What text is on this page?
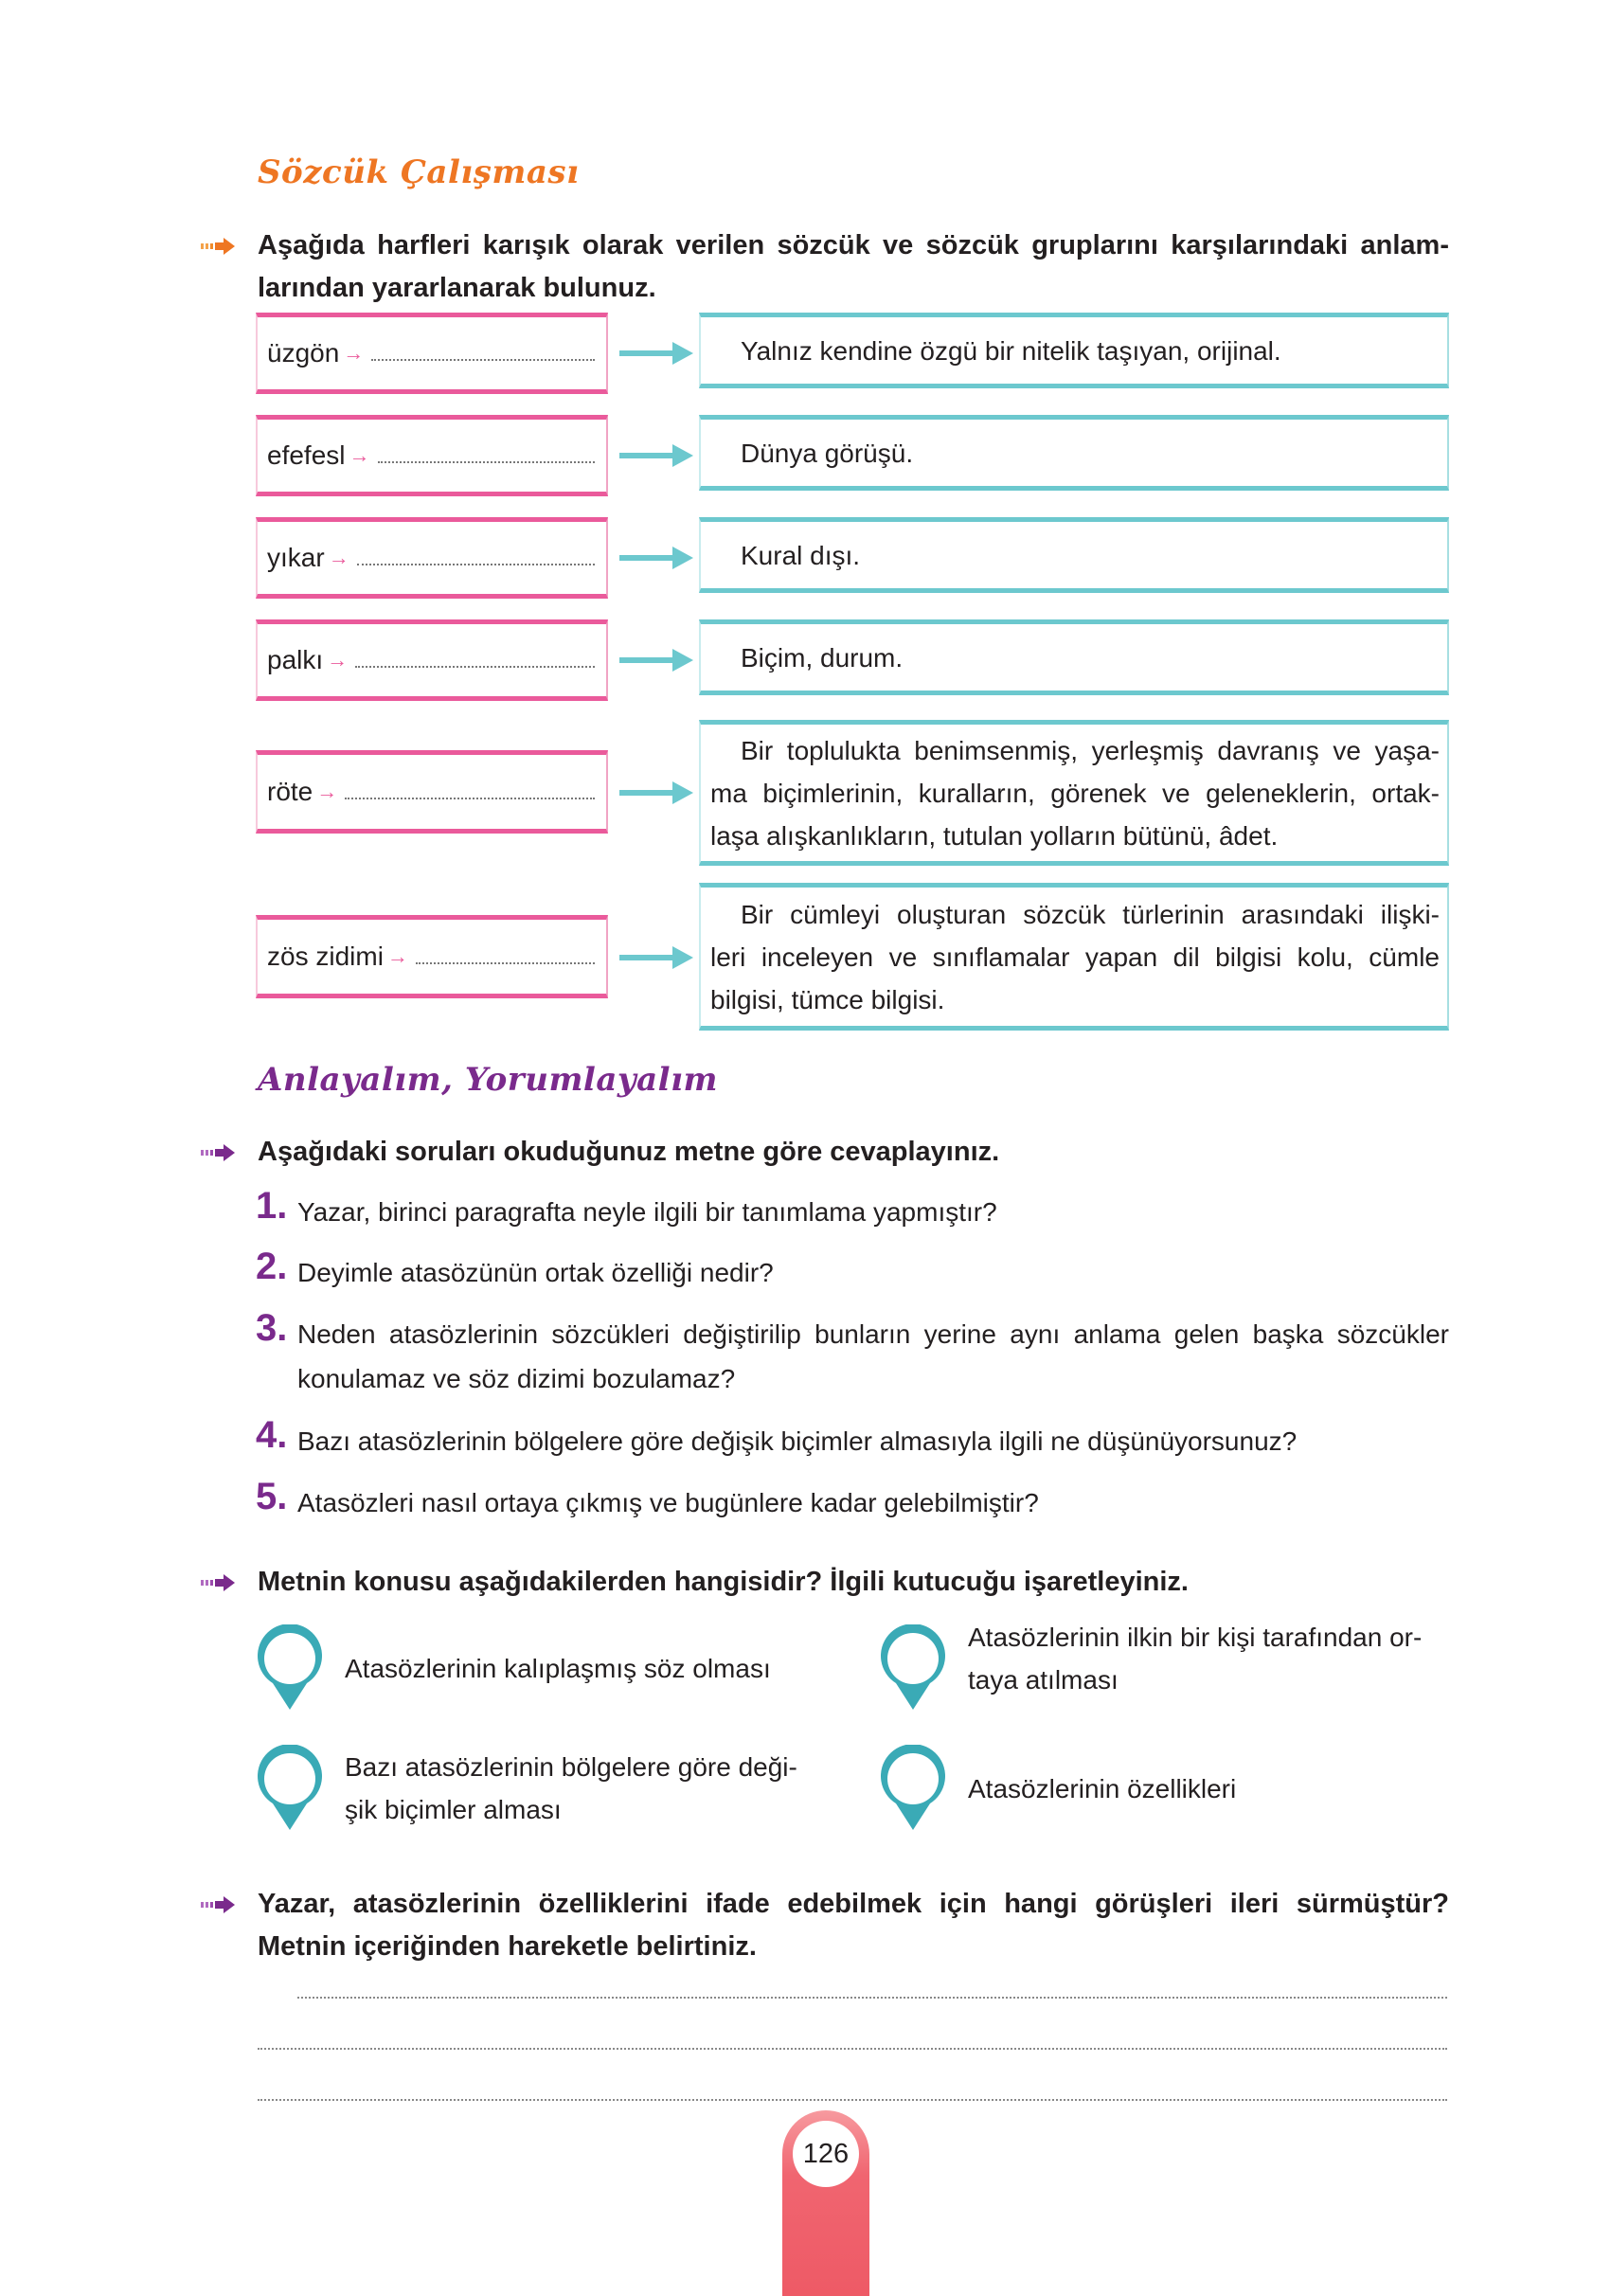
Sözcük Çalışması
Aşağıda harfleri karışık olarak verilen sözcük ve sözcük gruplarını karşılarındaki anlam-
larından yararlanarak bulunuz.
üzgön →	Yalnız kendine özgü bir nitelik taşıyan, orijinal.
efefesl →	Dünya görüşü.
yıkar →	Kural dışı.
palkı →	Biçim, durum.
röte →
Bir topluluktа benimsenmiş, yerleşmiş davranış ve yaşa-
ma biçimlerinin, kuralların, görenek ve geleneklerin, ortak-
laşa alışkanlıkların, tutulan yolların bütünü, âdet.
zös zidimi →
Bir cümleyi oluşturan sözcük türlerinin arasındaki ilişki-
leri inceleyen ve sınıflamalar yapan dil bilgisi kolu, cümle
bilgisi, tümce bilgisi.
Anlayalım, Yorumlayalım
Aşağıdaki soruları okuduğunuz metne göre cevaplayınız.
1. Yazar, birinci paragrafta neyle ilgili bir tanımlama yapmıştır?
2. Deyimle atasözünün ortak özelliği nedir?
3. Neden atasözlerinin sözcükleri değiştirilip bunların yerine aynı anlama gelen başka sözcükler
konulamaz ve söz dizimi bozulamaz?
4. Bazı atasözlerinin bölgelere göre değişik biçimler almasıyla ilgili ne düşünüyorsunuz?
5. Atasözleri nasıl ortaya çıkmış ve bugünlere kadar gelebilmiştir?
Metnin konusu aşağıdakilerden hangisidir? İlgili kutucuğu işaretleyiniz.
Atasözlerinin kalıplaşmış söz olması
Atasözlerinin ilkin bir kişi tarafından or-
taya atılması
Bazı atasözlerinin bölgelere göre deği-
şik biçimler alması
Atasözlerinin özellikleri
Yazar, atasözlerinin özelliklerini ifade edebilmek için hangi görüşleri ileri sürmüştür?
Metnin içeriğinden hareketle belirtiniz.
126
